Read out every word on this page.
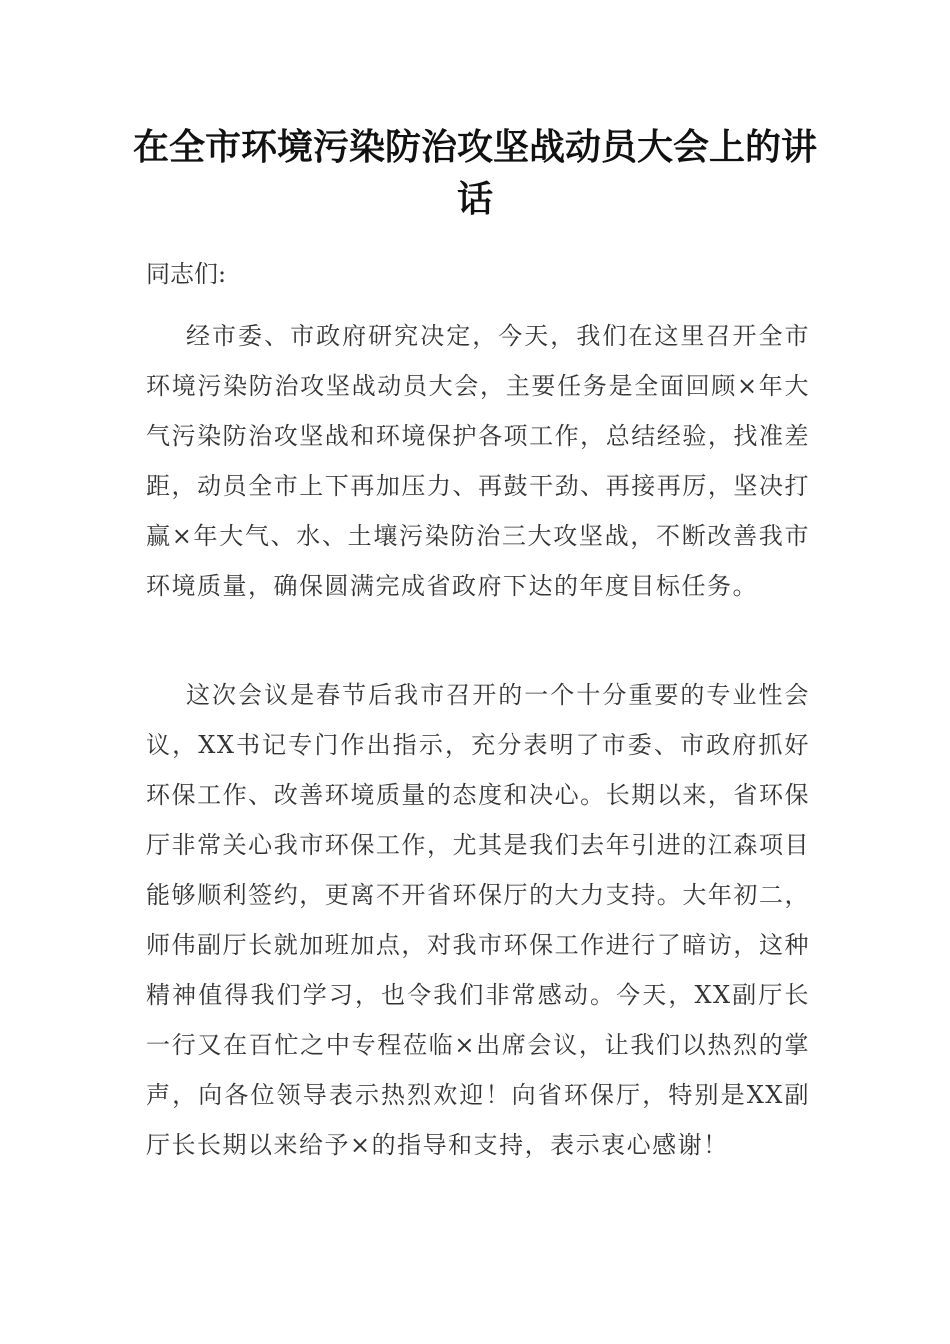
在全市环境污染防治攻坚战动员大会上的讲话

同志们:

经市委、市政府研究决定，今天，我们在这里召开全市环境污染防治攻坚战动员大会，主要任务是全面回顾×年大气污染防治攻坚战和环境保护各项工作，总结经验，找准差距，动员全市上下再加压力、再鼓干劲、再接再厉，坚决打赢×年大气、水、土壤污染防治三大攻坚战，不断改善我市环境质量，确保圆满完成省政府下达的年度目标任务。

这次会议是春节后我市召开的一个十分重要的专业性会议，XX书记专门作出指示，充分表明了市委、市政府抓好环保工作、改善环境质量的态度和决心。长期以来，省环保厅非常关心我市环保工作，尤其是我们去年引进的江森项目能够顺利签约，更离不开省环保厅的大力支持。大年初二，师伟副厅长就加班加点，对我市环保工作进行了暗访，这种精神值得我们学习，也令我们非常感动。今天，XX副厅长一行又在百忙之中专程莅临×出席会议，让我们以热烈的掌声，向各位领导表示热烈欢迎！向省环保厅，特别是XX副厅长长期以来给予×的指导和支持，表示衷心感谢！
